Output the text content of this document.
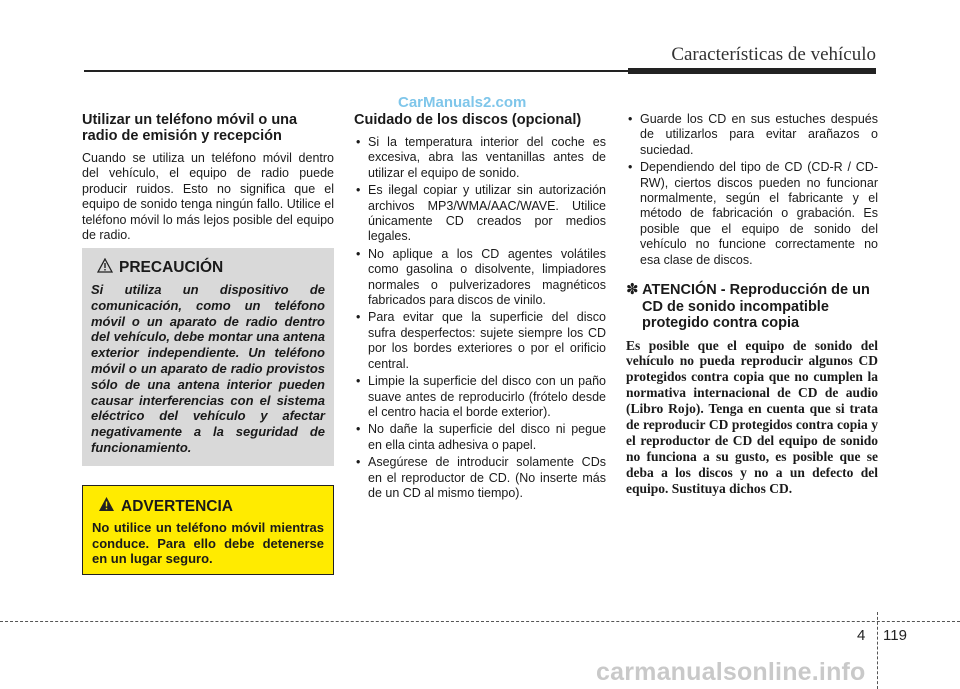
Características de vehículo
CarManuals2.com
Utilizar un teléfono móvil o una radio de emisión y recepción

Cuando se utiliza un teléfono móvil dentro del vehículo, el equipo de radio puede producir ruidos. Esto no significa que el equipo de sonido tenga ningún fallo. Utilice el teléfono móvil lo más lejos posible del equipo de radio.

PRECAUCIÓN

Si utiliza un dispositivo de comunicación, como un teléfono móvil o un aparato de radio dentro del vehículo, debe montar una antena exterior independiente. Un teléfono móvil o un aparato de radio provistos sólo de una antena interior pueden causar interferencias con el sistema eléctrico del vehículo y afectar negativamente a la seguridad de funcionamiento.

ADVERTENCIA

No utilice un teléfono móvil mientras conduce. Para ello debe detenerse en un lugar seguro.

Cuidado de los discos (opcional)
• Si la temperatura interior del coche es excesiva, abra las ventanillas antes de utilizar el equipo de sonido.
• Es ilegal copiar y utilizar sin autorización archivos MP3/WMA/AAC/WAVE. Utilice únicamente CD creados por medios legales.
• No aplique a los CD agentes volátiles como gasolina o disolvente, limpiadores normales o pulverizadores magnéticos fabricados para discos de vinilo.
• Para evitar que la superficie del disco sufra desperfectos: sujete siempre los CD por los bordes exteriores o por el orificio central.
• Limpie la superficie del disco con un paño suave antes de reproducirlo (frótelo desde el centro hacia el borde exterior).
• No dañe la superficie del disco ni pegue en ella cinta adhesiva o papel.
• Asegúrese de introducir solamente CDs en el reproductor de CD. (No inserte más de un CD al mismo tiempo).
• Guarde los CD en sus estuches después de utilizarlos para evitar arañazos o suciedad.
• Dependiendo del tipo de CD (CD-R / CD-RW), ciertos discos pueden no funcionar normalmente, según el fabricante y el método de fabricación o grabación. Es posible que el equipo de sonido del vehículo no funcione correctamente no esa clase de discos.
✽ ATENCIÓN - Reproducción de un CD de sonido incompatible protegido contra copia

Es posible que el equipo de sonido del vehículo no pueda reproducir algunos CD protegidos contra copia que no cumplen la normativa internacional de CD de audio (Libro Rojo). Tenga en cuenta que si trata de reproducir CD protegidos contra copia y el reproductor de CD del equipo de sonido no funciona a su gusto, es posible que se deba a los discos y no a un defecto del equipo. Sustituya dichos CD.

4 119
carmanualsonline.info
